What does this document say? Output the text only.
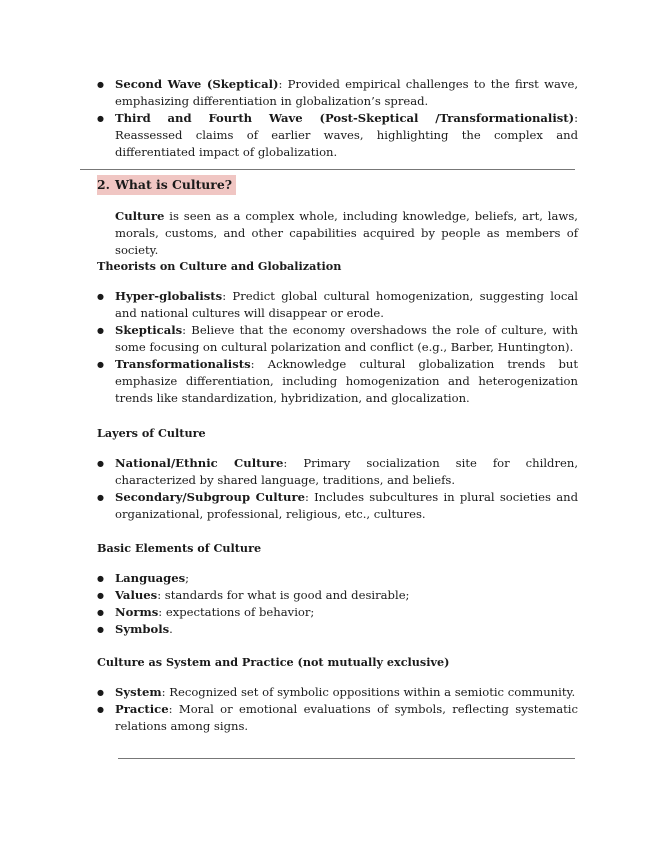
● Second Wave (Skeptical): Provided empirical challenges to the first wave, emphasizing differentiation in globalization’s spread.
● Third and Fourth Wave (Post-Skeptical /Transformationalist): Reassessed claims of earlier waves, highlighting the complex and differentiated impact of globalization.
2. What is Culture?
Culture is seen as a complex whole, including knowledge, beliefs, art, laws, morals, customs, and other capabilities acquired by people as members of society.
Theorists on Culture and Globalization
● Hyper-globalists: Predict global cultural homogenization, suggesting local and national cultures will disappear or erode.
● Skepticals: Believe that the economy overshadows the role of culture, with some focusing on cultural polarization and conflict (e.g., Barber, Huntington).
● Transformationalists: Acknowledge cultural globalization trends but emphasize differentiation, including homogenization and heterogenization trends like standardization, hybridization, and glocalization.
Layers of Culture
● National/Ethnic Culture: Primary socialization site for children, characterized by shared language, traditions, and beliefs.
● Secondary/Subgroup Culture: Includes subcultures in plural societies and organizational, professional, religious, etc., cultures.
Basic Elements of Culture
● Languages;
● Values: standards for what is good and desirable;
● Norms: expectations of behavior;
● Symbols.
Culture as System and Practice (not mutually exclusive)
● System: Recognized set of symbolic oppositions within a semiotic community.
● Practice: Moral or emotional evaluations of symbols, reflecting systematic relations among signs.
